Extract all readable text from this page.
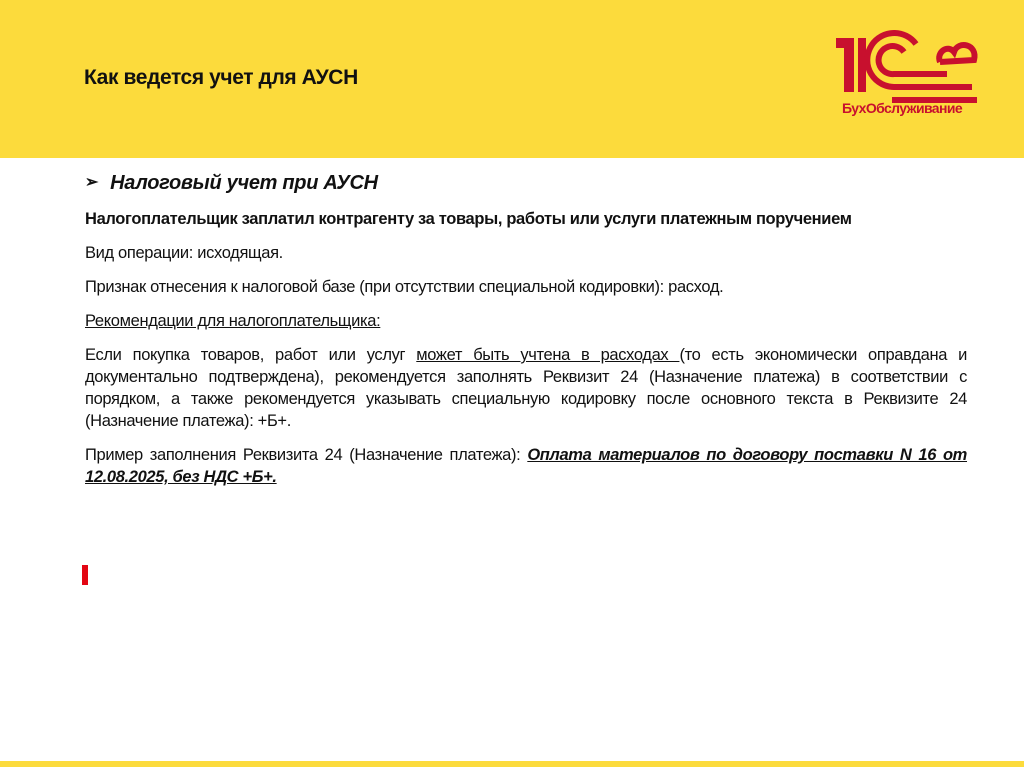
Как ведется учет для АУСН
БухОбслуживание
➢ Налоговый учет при АУСН

Налогоплательщик заплатил контрагенту за товары, работы или услуги платежным поручением

Вид операции: исходящая.

Признак отнесения к налоговой базе (при отсутствии специальной кодировки): расход.

Рекомендации для налогоплательщика:

Если покупка товаров, работ или услуг может быть учтена в расходах (то есть экономически оправдана и документально подтверждена), рекомендуется заполнять Реквизит 24 (Назначение платежа) в соответствии с порядком, а также рекомендуется указывать специальную кодировку после основного текста в Реквизите 24 (Назначение платежа): +Б+.

Пример заполнения Реквизита 24 (Назначение платежа): Оплата материалов по договору поставки N 16 от 12.08.2025, без НДС +Б+.
